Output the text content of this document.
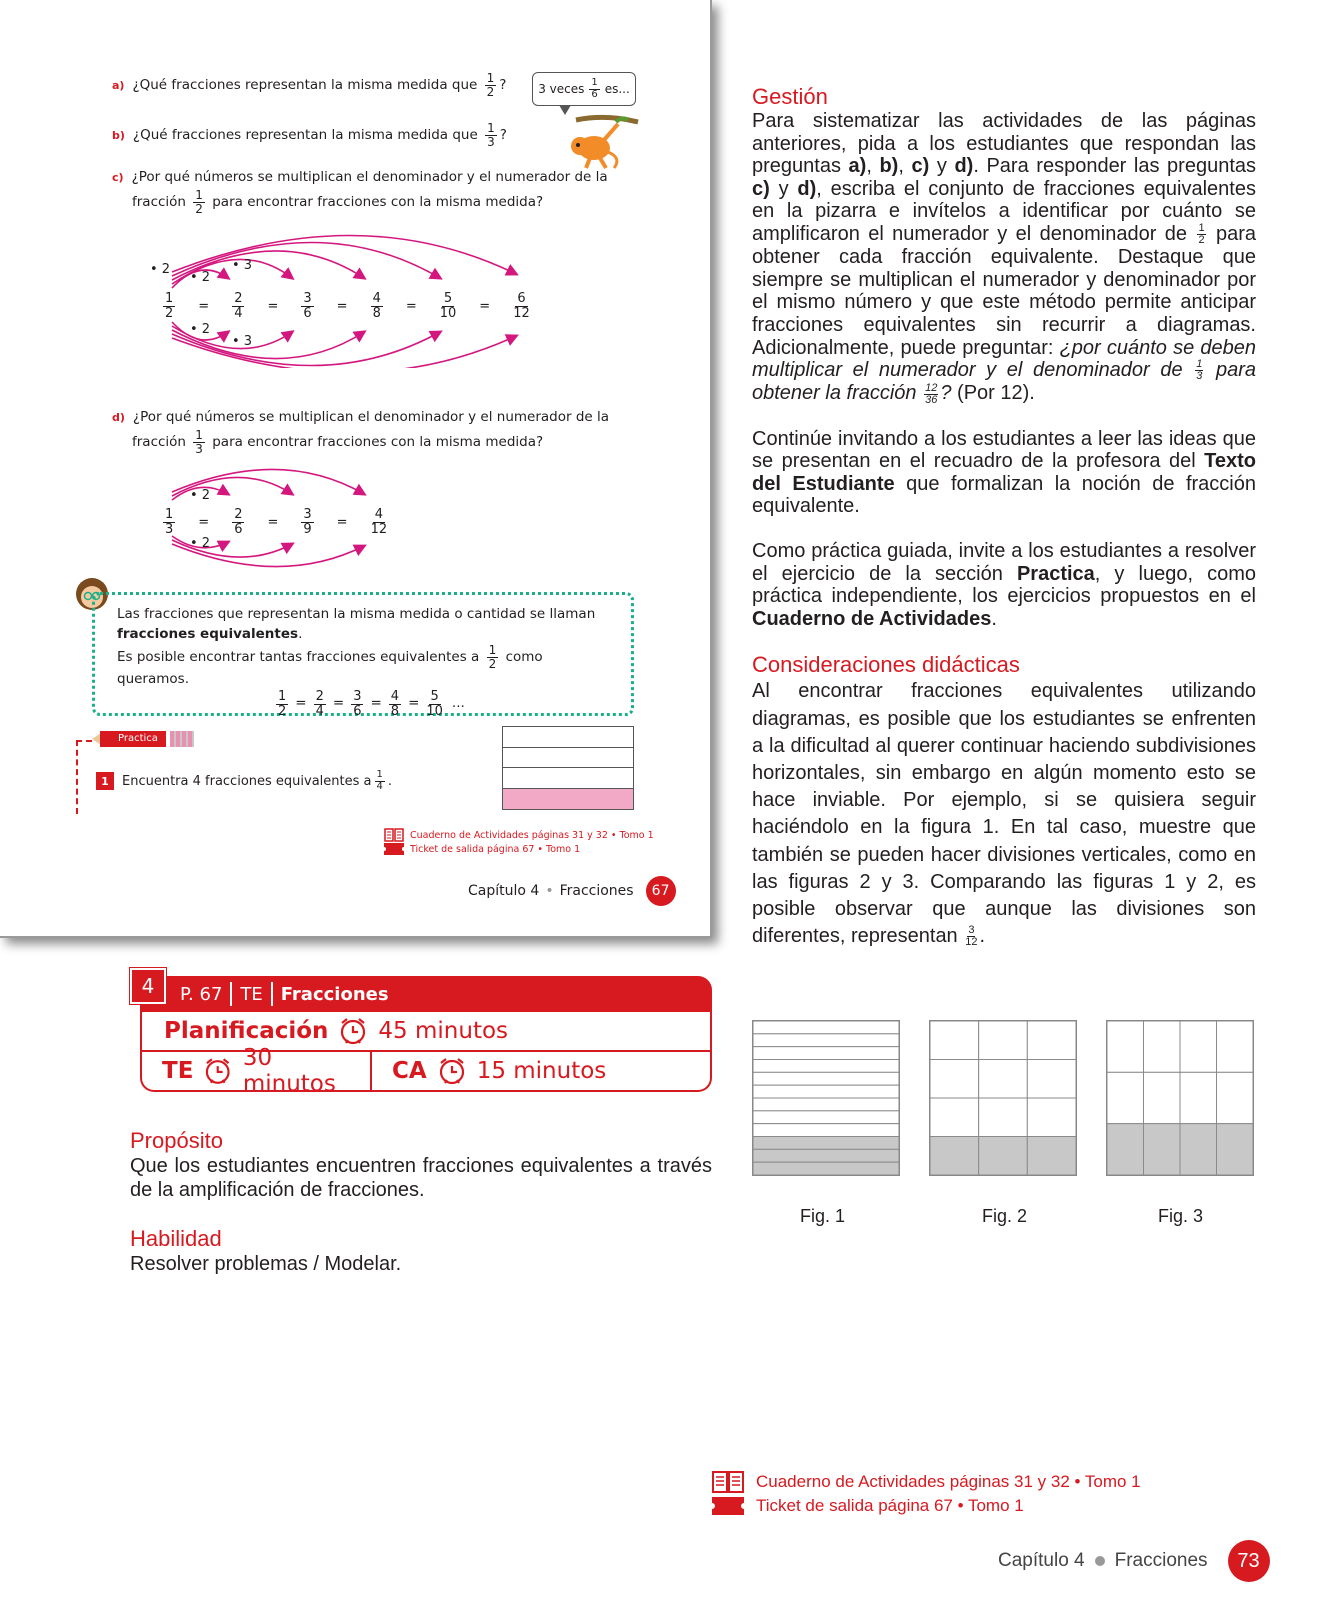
a) ¿Qué fracciones representan la misma medida que $\frac{1}{2}$ ?
b) ¿Qué fracciones representan la misma medida que $\frac{1}{3}$ ?
3 veces $\frac{1}{6}$ es...
c) ¿Por qué números se multiplican el denominador y el numerador de la
fracción $\frac{1}{2}$ para encontrar fracciones con la misma medida?
• 2
• 2
• 3
• 2
• 3
$\frac{1}{2} = \frac{2}{4} = \frac{3}{6} = \frac{4}{8} = \frac{5}{10} = \frac{6}{12}$
d) ¿Por qué números se multiplican el denominador y el numerador de la
fracción $\frac{1}{3}$ para encontrar fracciones con la misma medida?
• 2
• 2
$\frac{1}{3} = \frac{2}{6} = \frac{3}{9} = \frac{4}{12}$
Las fracciones que representan la misma medida o cantidad se llaman
fracciones equivalentes.
Es posible encontrar tantas fracciones equivalentes a $\frac{1}{2}$ como queramos.
$\frac{1}{2} = \frac{2}{4} = \frac{3}{6} = \frac{4}{8} = \frac{5}{10}$ ...
Practica
1	Encuentra 4 fracciones equivalentes a $\frac{1}{4}$ .
Cuaderno de Actividades páginas 31 y 32 • Tomo 1
Ticket de salida página 67 • Tomo 1
Capítulo 4 • Fracciones	67
4	P. 67 TE Fracciones
Planificación 45 minutos
TE 30 minutos	CA 15 minutos
Propósito
Que los estudiantes encuentren fracciones equivalentes a través de la amplificación de fracciones.
Habilidad
Resolver problemas / Modelar.
Gestión

Para sistematizar las actividades de las páginas anteriores, pida a los estudiantes que respondan las preguntas a), b), c) y d). Para responder las preguntas c) y d), escriba el conjunto de fracciones equivalentes en la pizarra e invítelos a identificar por cuánto se amplificaron el numerador y el denominador de $\frac{1}{2}$ para obtener cada fracción equivalente. Destaque que siempre se multiplican el numerador y denominador por el mismo número y que este método permite anticipar fracciones equivalentes sin recurrir a diagramas. Adicionalmente, puede preguntar: ¿por cuánto se deben multiplicar el numerador y el denominador de $\frac{1}{3}$ para obtener la fracción $\frac{12}{36}$ ? (Por 12).

Continúe invitando a los estudiantes a leer las ideas que se presentan en el recuadro de la profesora del Texto del Estudiante que formalizan la noción de fracción equivalente.

Como práctica guiada, invite a los estudiantes a resolver el ejercicio de la sección Practica, y luego, como práctica independiente, los ejercicios propuestos en el Cuaderno de Actividades.

Consideraciones didácticas

Al encontrar fracciones equivalentes utilizando diagramas, es posible que los estudiantes se enfrenten a la dificultad al querer continuar haciendo subdivisiones horizontales, sin embargo en algún momento esto se hace inviable. Por ejemplo, si se quisiera seguir haciéndolo en la figura 1. En tal caso, muestre que también se pueden hacer divisiones verticales, como en las figuras 2 y 3. Comparando las figuras 1 y 2, es posible observar que aunque las divisiones son diferentes, representan $\frac{3}{12}$ .

Fig. 1	Fig. 2	Fig. 3
Cuaderno de Actividades páginas 31 y 32 • Tomo 1
Ticket de salida página 67 • Tomo 1
Capítulo 4 Fracciones	73
